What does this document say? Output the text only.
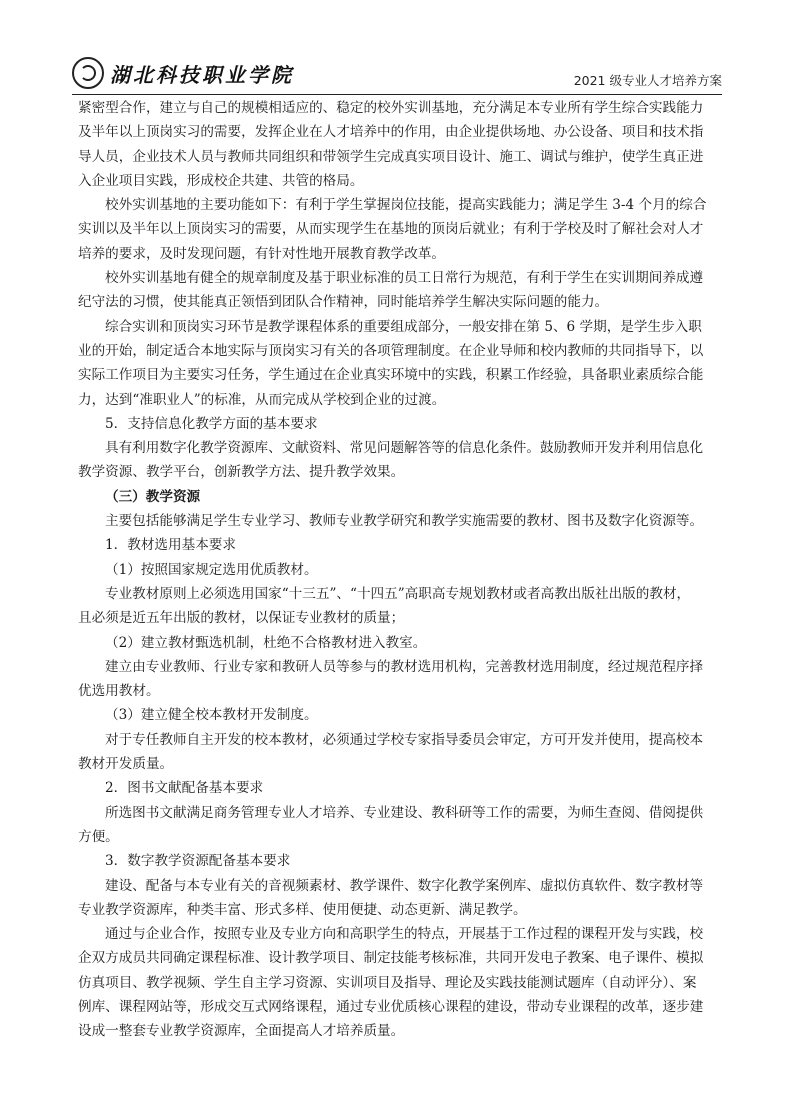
湖北科技职业学院	2021 级专业人才培养方案
紧密型合作，建立与自己的规模相适应的、稳定的校外实训基地，充分满足本专业所有学生综合实践能力
及半年以上顶岗实习的需要，发挥企业在人才培养中的作用，由企业提供场地、办公设备、项目和技术指
导人员，企业技术人员与教师共同组织和带领学生完成真实项目设计、施工、调试与维护，使学生真正进
入企业项目实践，形成校企共建、共管的格局。
校外实训基地的主要功能如下：有利于学生掌握岗位技能，提高实践能力；满足学生 3-4 个月的综合
实训以及半年以上顶岗实习的需要，从而实现学生在基地的顶岗后就业；有利于学校及时了解社会对人才
培养的要求，及时发现问题，有针对性地开展教育教学改革。
校外实训基地有健全的规章制度及基于职业标准的员工日常行为规范，有利于学生在实训期间养成遵
纪守法的习惯，使其能真正领悟到团队合作精神，同时能培养学生解决实际问题的能力。
综合实训和顶岗实习环节是教学课程体系的重要组成部分，一般安排在第 5、6 学期，是学生步入职
业的开始，制定适合本地实际与顶岗实习有关的各项管理制度。在企业导师和校内教师的共同指导下，以
实际工作项目为主要实习任务，学生通过在企业真实环境中的实践，积累工作经验，具备职业素质综合能
力，达到“准职业人”的标准，从而完成从学校到企业的过渡。
5．支持信息化教学方面的基本要求
具有利用数字化教学资源库、文献资料、常见问题解答等的信息化条件。鼓励教师开发并利用信息化
教学资源、教学平台，创新教学方法、提升教学效果。
（三）教学资源
主要包括能够满足学生专业学习、教师专业教学研究和教学实施需要的教材、图书及数字化资源等。
1．教材选用基本要求
（1）按照国家规定选用优质教材。
专业教材原则上必须选用国家“十三五”、“十四五”高职高专规划教材或者高教出版社出版的教材，
且必须是近五年出版的教材，以保证专业教材的质量；
（2）建立教材甄选机制，杜绝不合格教材进入教室。
建立由专业教师、行业专家和教研人员等参与的教材选用机构，完善教材选用制度，经过规范程序择
优选用教材。
（3）建立健全校本教材开发制度。
对于专任教师自主开发的校本教材，必须通过学校专家指导委员会审定，方可开发并使用，提高校本
教材开发质量。
2．图书文献配备基本要求
所选图书文献满足商务管理专业人才培养、专业建设、教科研等工作的需要，为师生查阅、借阅提供
方便。
3．数字教学资源配备基本要求
建设、配备与本专业有关的音视频素材、教学课件、数字化教学案例库、虚拟仿真软件、数字教材等
专业教学资源库，种类丰富、形式多样、使用便捷、动态更新、满足教学。
通过与企业合作，按照专业及专业方向和高职学生的特点，开展基于工作过程的课程开发与实践，校
企双方成员共同确定课程标准、设计教学项目、制定技能考核标准，共同开发电子教案、电子课件、模拟
仿真项目、教学视频、学生自主学习资源、实训项目及指导、理论及实践技能测试题库（自动评分）、案
例库、课程网站等，形成交互式网络课程，通过专业优质核心课程的建设，带动专业课程的改革，逐步建
设成一整套专业教学资源库，全面提高人才培养质量。
